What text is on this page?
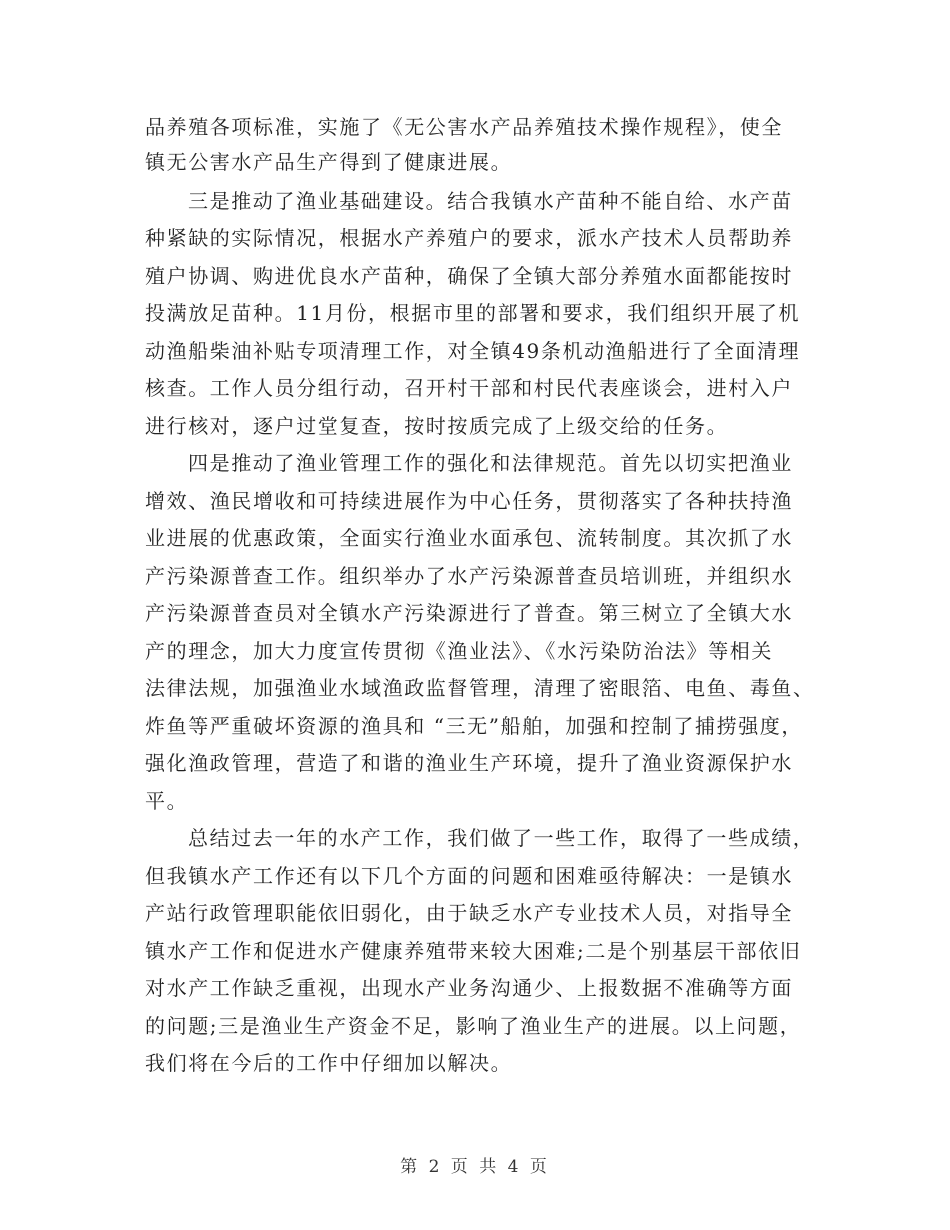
品养殖各项标准，实施了《无公害水产品养殖技术操作规程》，使全
镇无公害水产品生产得到了健康进展。
三是推动了渔业基础建设。结合我镇水产苗种不能自给、水产苗
种紧缺的实际情况，根据水产养殖户的要求，派水产技术人员帮助养
殖户协调、购进优良水产苗种，确保了全镇大部分养殖水面都能按时
投满放足苗种。11月份，根据市里的部署和要求，我们组织开展了机
动渔船柴油补贴专项清理工作，对全镇49条机动渔船进行了全面清理
核查。工作人员分组行动，召开村干部和村民代表座谈会，进村入户
进行核对，逐户过堂复查，按时按质完成了上级交给的任务。
四是推动了渔业管理工作的强化和法律规范。首先以切实把渔业
增效、渔民增收和可持续进展作为中心任务，贯彻落实了各种扶持渔
业进展的优惠政策，全面实行渔业水面承包、流转制度。其次抓了水
产污染源普查工作。组织举办了水产污染源普查员培训班，并组织水
产污染源普查员对全镇水产污染源进行了普查。第三树立了全镇大水
产的理念，加大力度宣传贯彻《渔业法》、《水污染防治法》等相关
法律法规，加强渔业水域渔政监督管理，清理了密眼箔、电鱼、毒鱼、
炸鱼等严重破坏资源的渔具和 “三无”船舶，加强和控制了捕捞强度，
强化渔政管理，营造了和谐的渔业生产环境，提升了渔业资源保护水
平。
总结过去一年的水产工作，我们做了一些工作，取得了一些成绩，
但我镇水产工作还有以下几个方面的问题和困难亟待解决：一是镇水
产站行政管理职能依旧弱化，由于缺乏水产专业技术人员，对指导全
镇水产工作和促进水产健康养殖带来较大困难;二是个别基层干部依旧
对水产工作缺乏重视，出现水产业务沟通少、上报数据不准确等方面
的问题;三是渔业生产资金不足，影响了渔业生产的进展。以上问题，
我们将在今后的工作中仔细加以解决。
第 2 页 共 4 页
